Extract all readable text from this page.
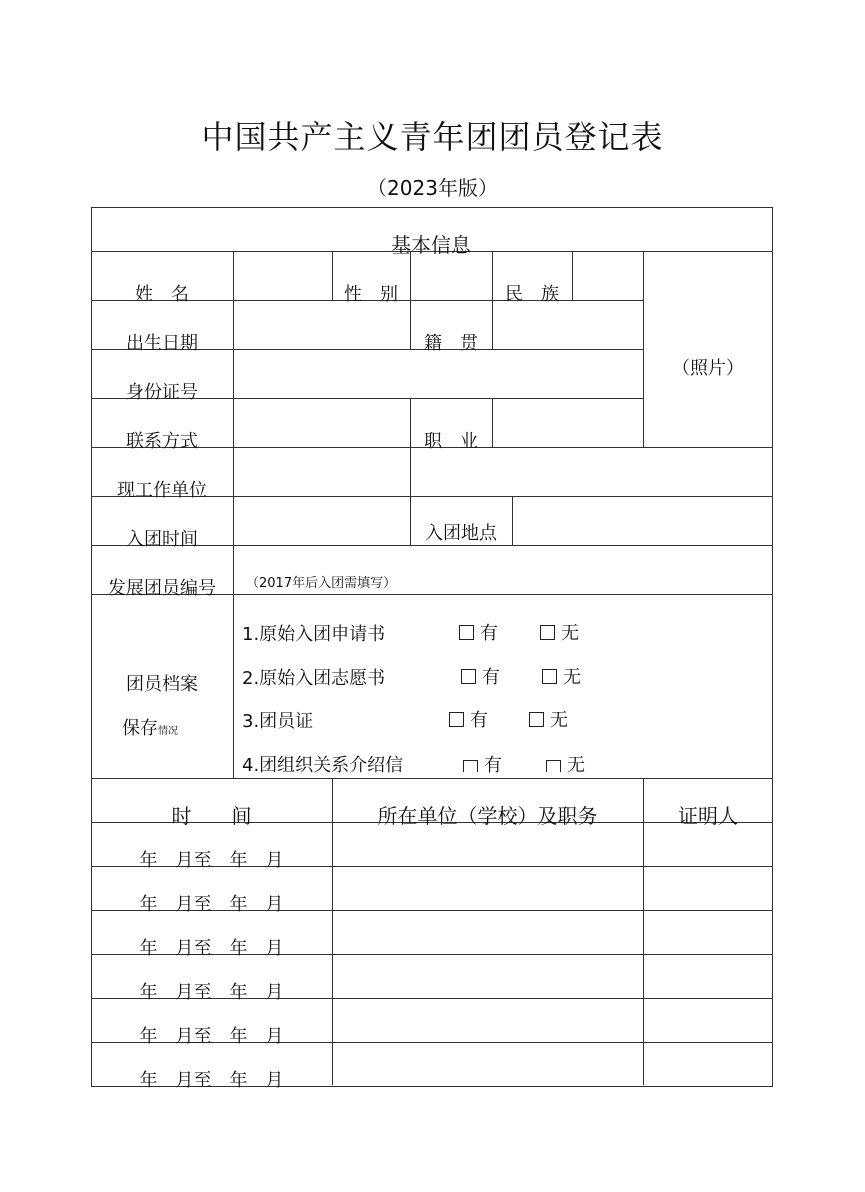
中国共产主义青年团团员登记表
（2023年版）
基本信息
姓　名	性　别	民　族
（照片）
出生日期	籍　贯
身份证号
联系方式	职　业
现工作单位
入团时间	入团地点
发展团员编号	（2017年后入团需填写）
团员档案
保存情况
1.原始入团申请书	有	无
2.原始入团志愿书	有	无
3.团员证	有	无
4.团组织关系介绍信	有	无
时　　间	所在单位（学校）及职务	证明人
年　月至　年　月
年　月至　年　月
年　月至　年　月
年　月至　年　月
年　月至　年　月
年　月至　年　月
